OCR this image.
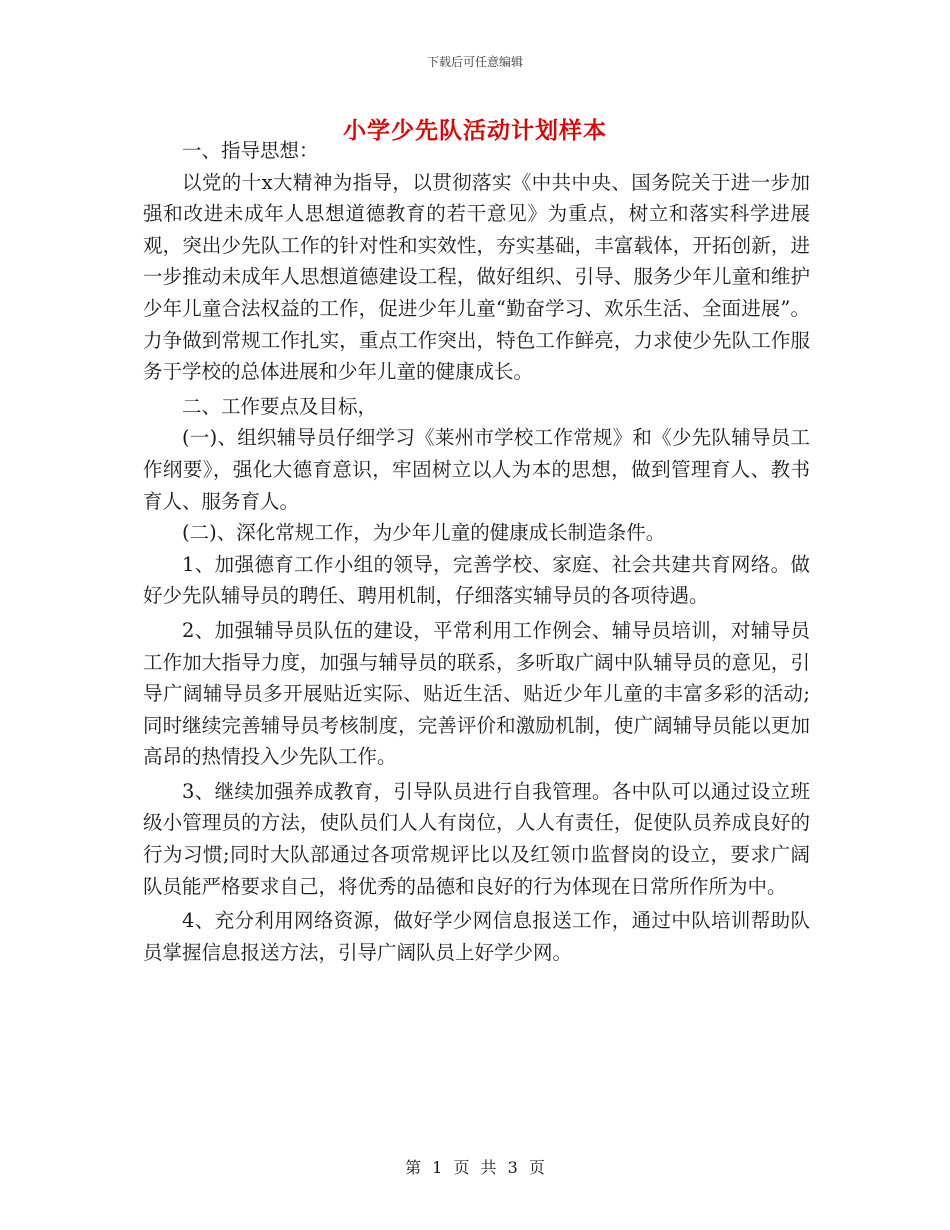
下载后可任意编辑
小学少先队活动计划样本

一、指导思想：

以党的十x大精神为指导，以贯彻落实《中共中央、国务院关于进一步加强和改进未成年人思想道德教育的若干意见》为重点，树立和落实科学进展观，突出少先队工作的针对性和实效性，夯实基础，丰富载体，开拓创新，进一步推动未成年人思想道德建设工程，做好组织、引导、服务少年儿童和维护少年儿童合法权益的工作，促进少年儿童“勤奋学习、欢乐生活、全面进展”。力争做到常规工作扎实，重点工作突出，特色工作鲜亮，力求使少先队工作服务于学校的总体进展和少年儿童的健康成长。

二、工作要点及目标，

(一)、组织辅导员仔细学习《莱州市学校工作常规》和《少先队辅导员工作纲要》，强化大德育意识，牢固树立以人为本的思想，做到管理育人、教书育人、服务育人。

(二)、深化常规工作，为少年儿童的健康成长制造条件。

1、加强德育工作小组的领导，完善学校、家庭、社会共建共育网络。做好少先队辅导员的聘任、聘用机制，仔细落实辅导员的各项待遇。

2、加强辅导员队伍的建设，平常利用工作例会、辅导员培训，对辅导员工作加大指导力度，加强与辅导员的联系，多听取广阔中队辅导员的意见，引导广阔辅导员多开展贴近实际、贴近生活、贴近少年儿童的丰富多彩的活动;同时继续完善辅导员考核制度，完善评价和激励机制，使广阔辅导员能以更加高昂的热情投入少先队工作。

3、继续加强养成教育，引导队员进行自我管理。各中队可以通过设立班级小管理员的方法，使队员们人人有岗位，人人有责任，促使队员养成良好的行为习惯;同时大队部通过各项常规评比以及红领巾监督岗的设立，要求广阔队员能严格要求自己，将优秀的品德和良好的行为体现在日常所作所为中。

4、充分利用网络资源，做好学少网信息报送工作，通过中队培训帮助队员掌握信息报送方法，引导广阔队员上好学少网。

第 1 页 共 3 页
